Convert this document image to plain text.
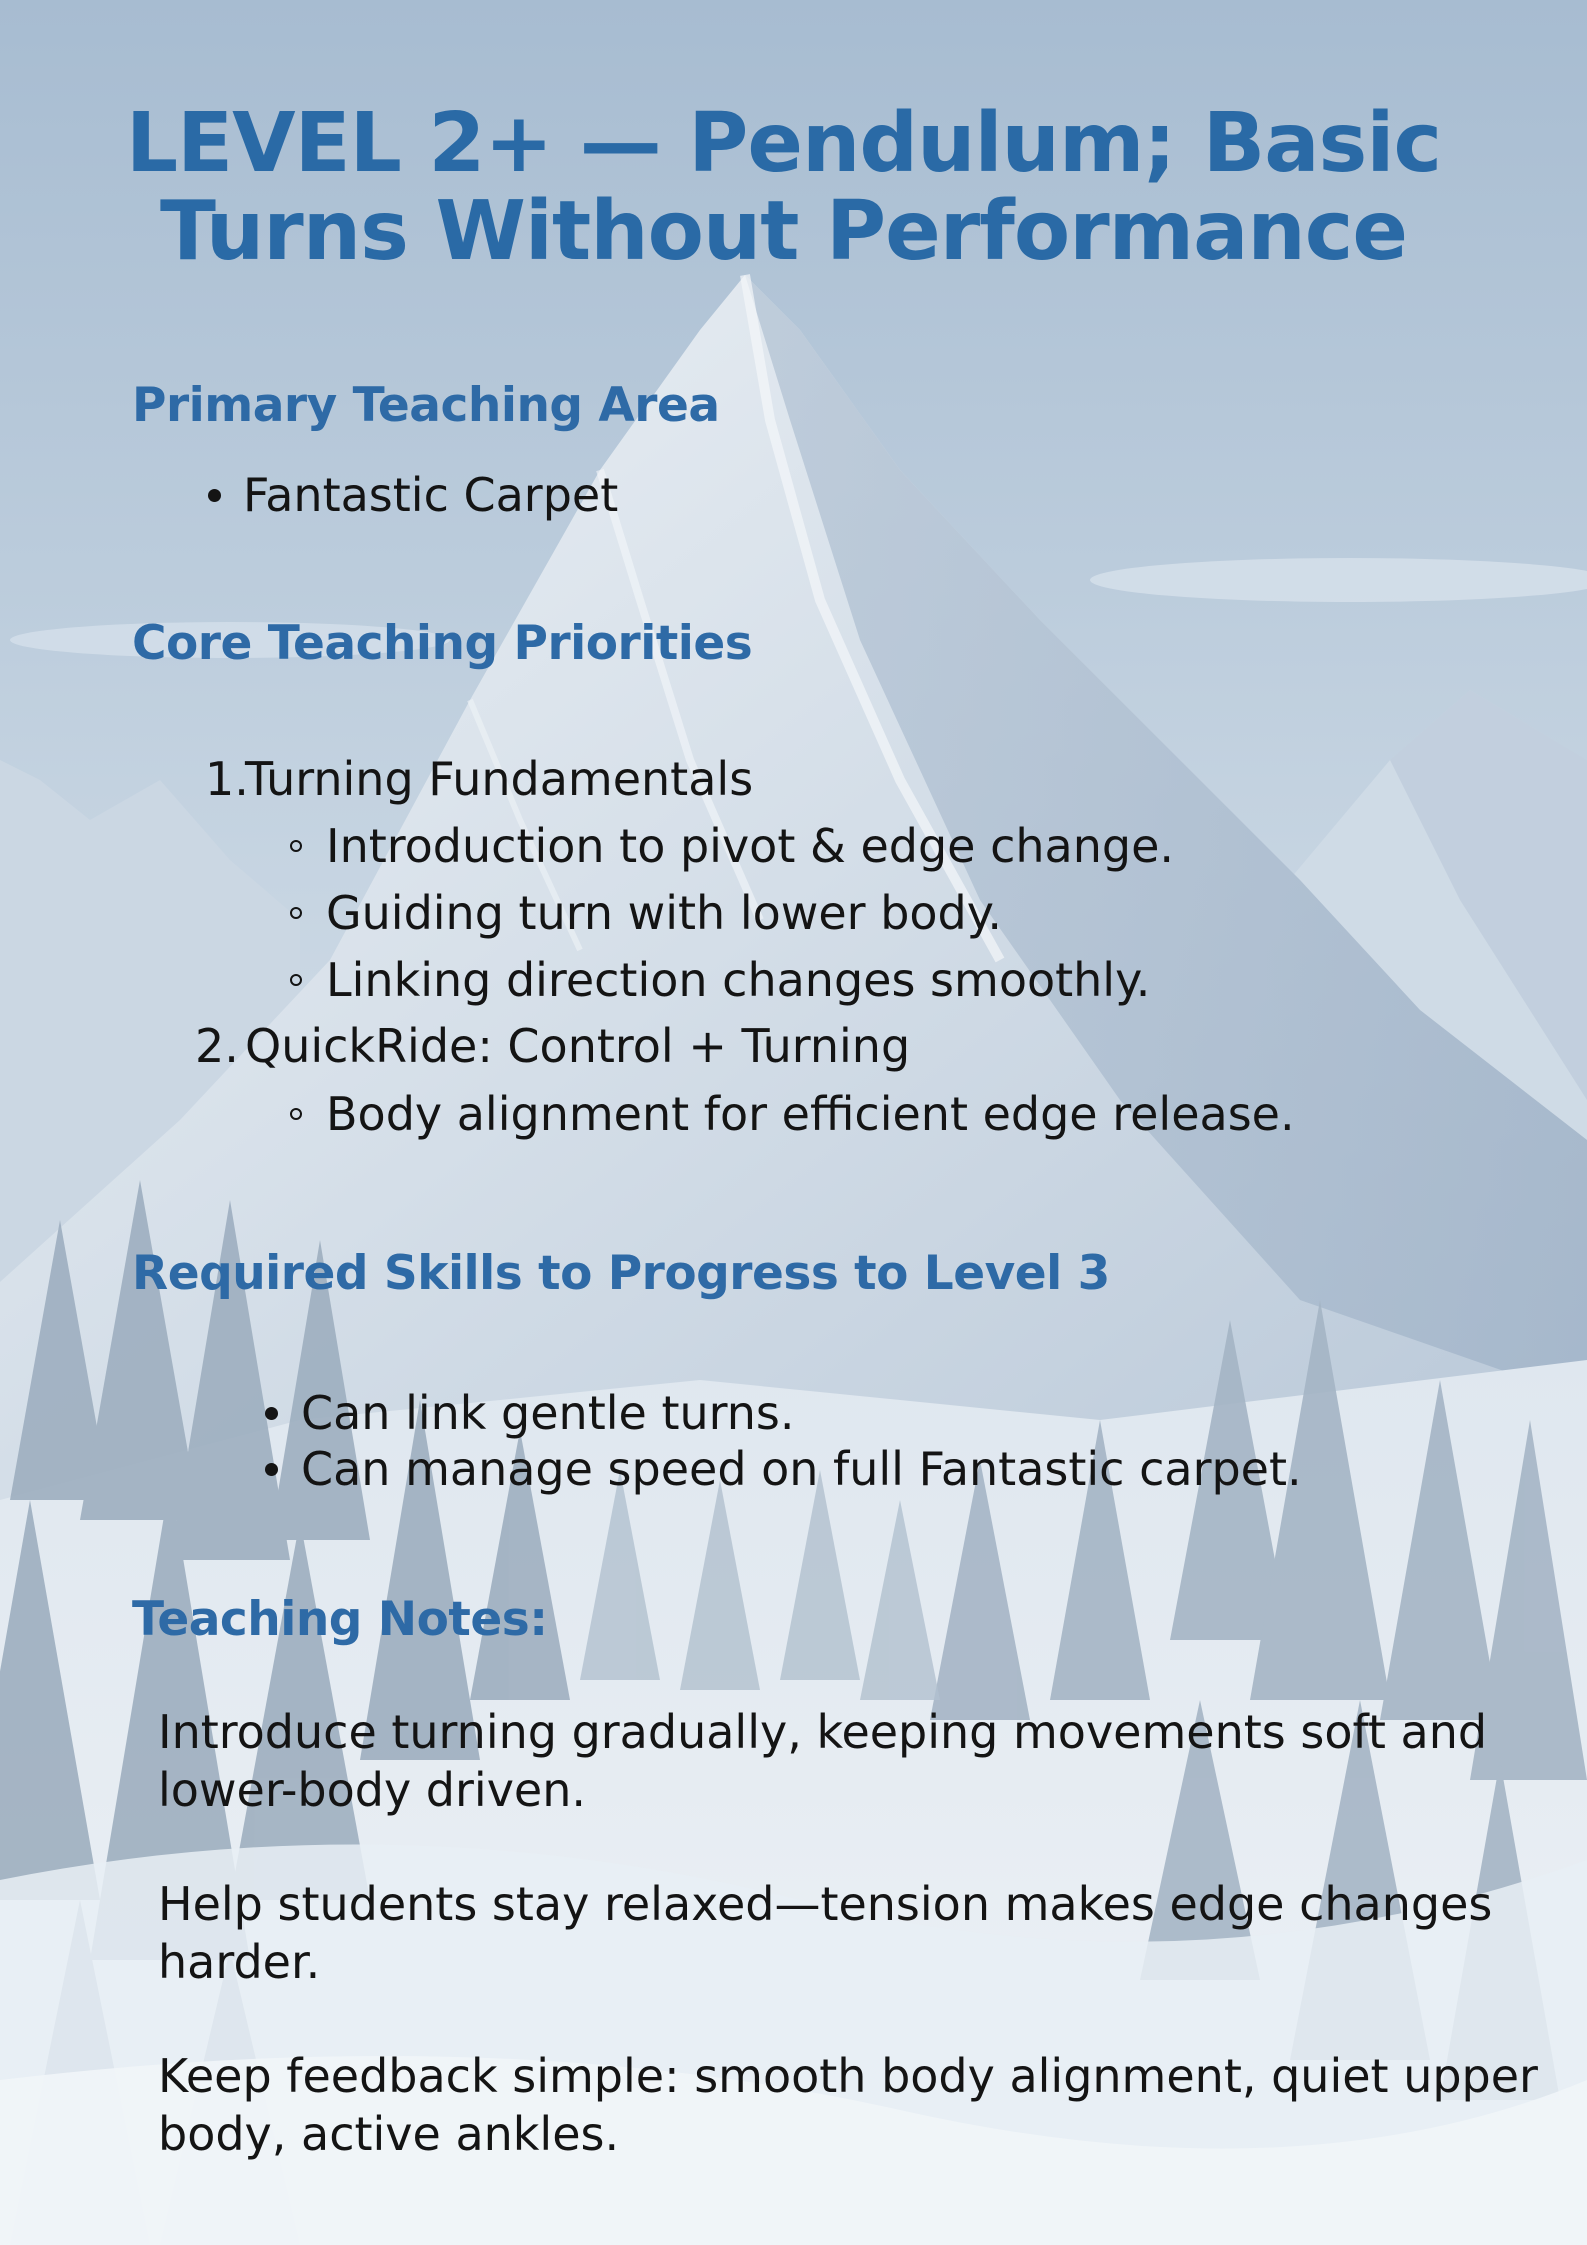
LEVEL 2+ — Pendulum; Basic
Turns Without Performance
Primary Teaching Area

Fantastic Carpet

Core Teaching Priorities
1.

Turning Fundamentals

Introduction to pivot & edge change.

Guiding turn with lower body.

Linking direction changes smoothly.

2. QuickRide: Control + Turning

Body alignment for efficient edge release.

Required Skills to Progress to Level 3

Can link gentle turns.

Can manage speed on full Fantastic carpet.

Teaching Notes:

Introduce turning gradually, keeping movements soft and lower-body driven.

Help students stay relaxed—tension makes edge changes harder.

Keep feedback simple: smooth body alignment, quiet upper body, active ankles.
